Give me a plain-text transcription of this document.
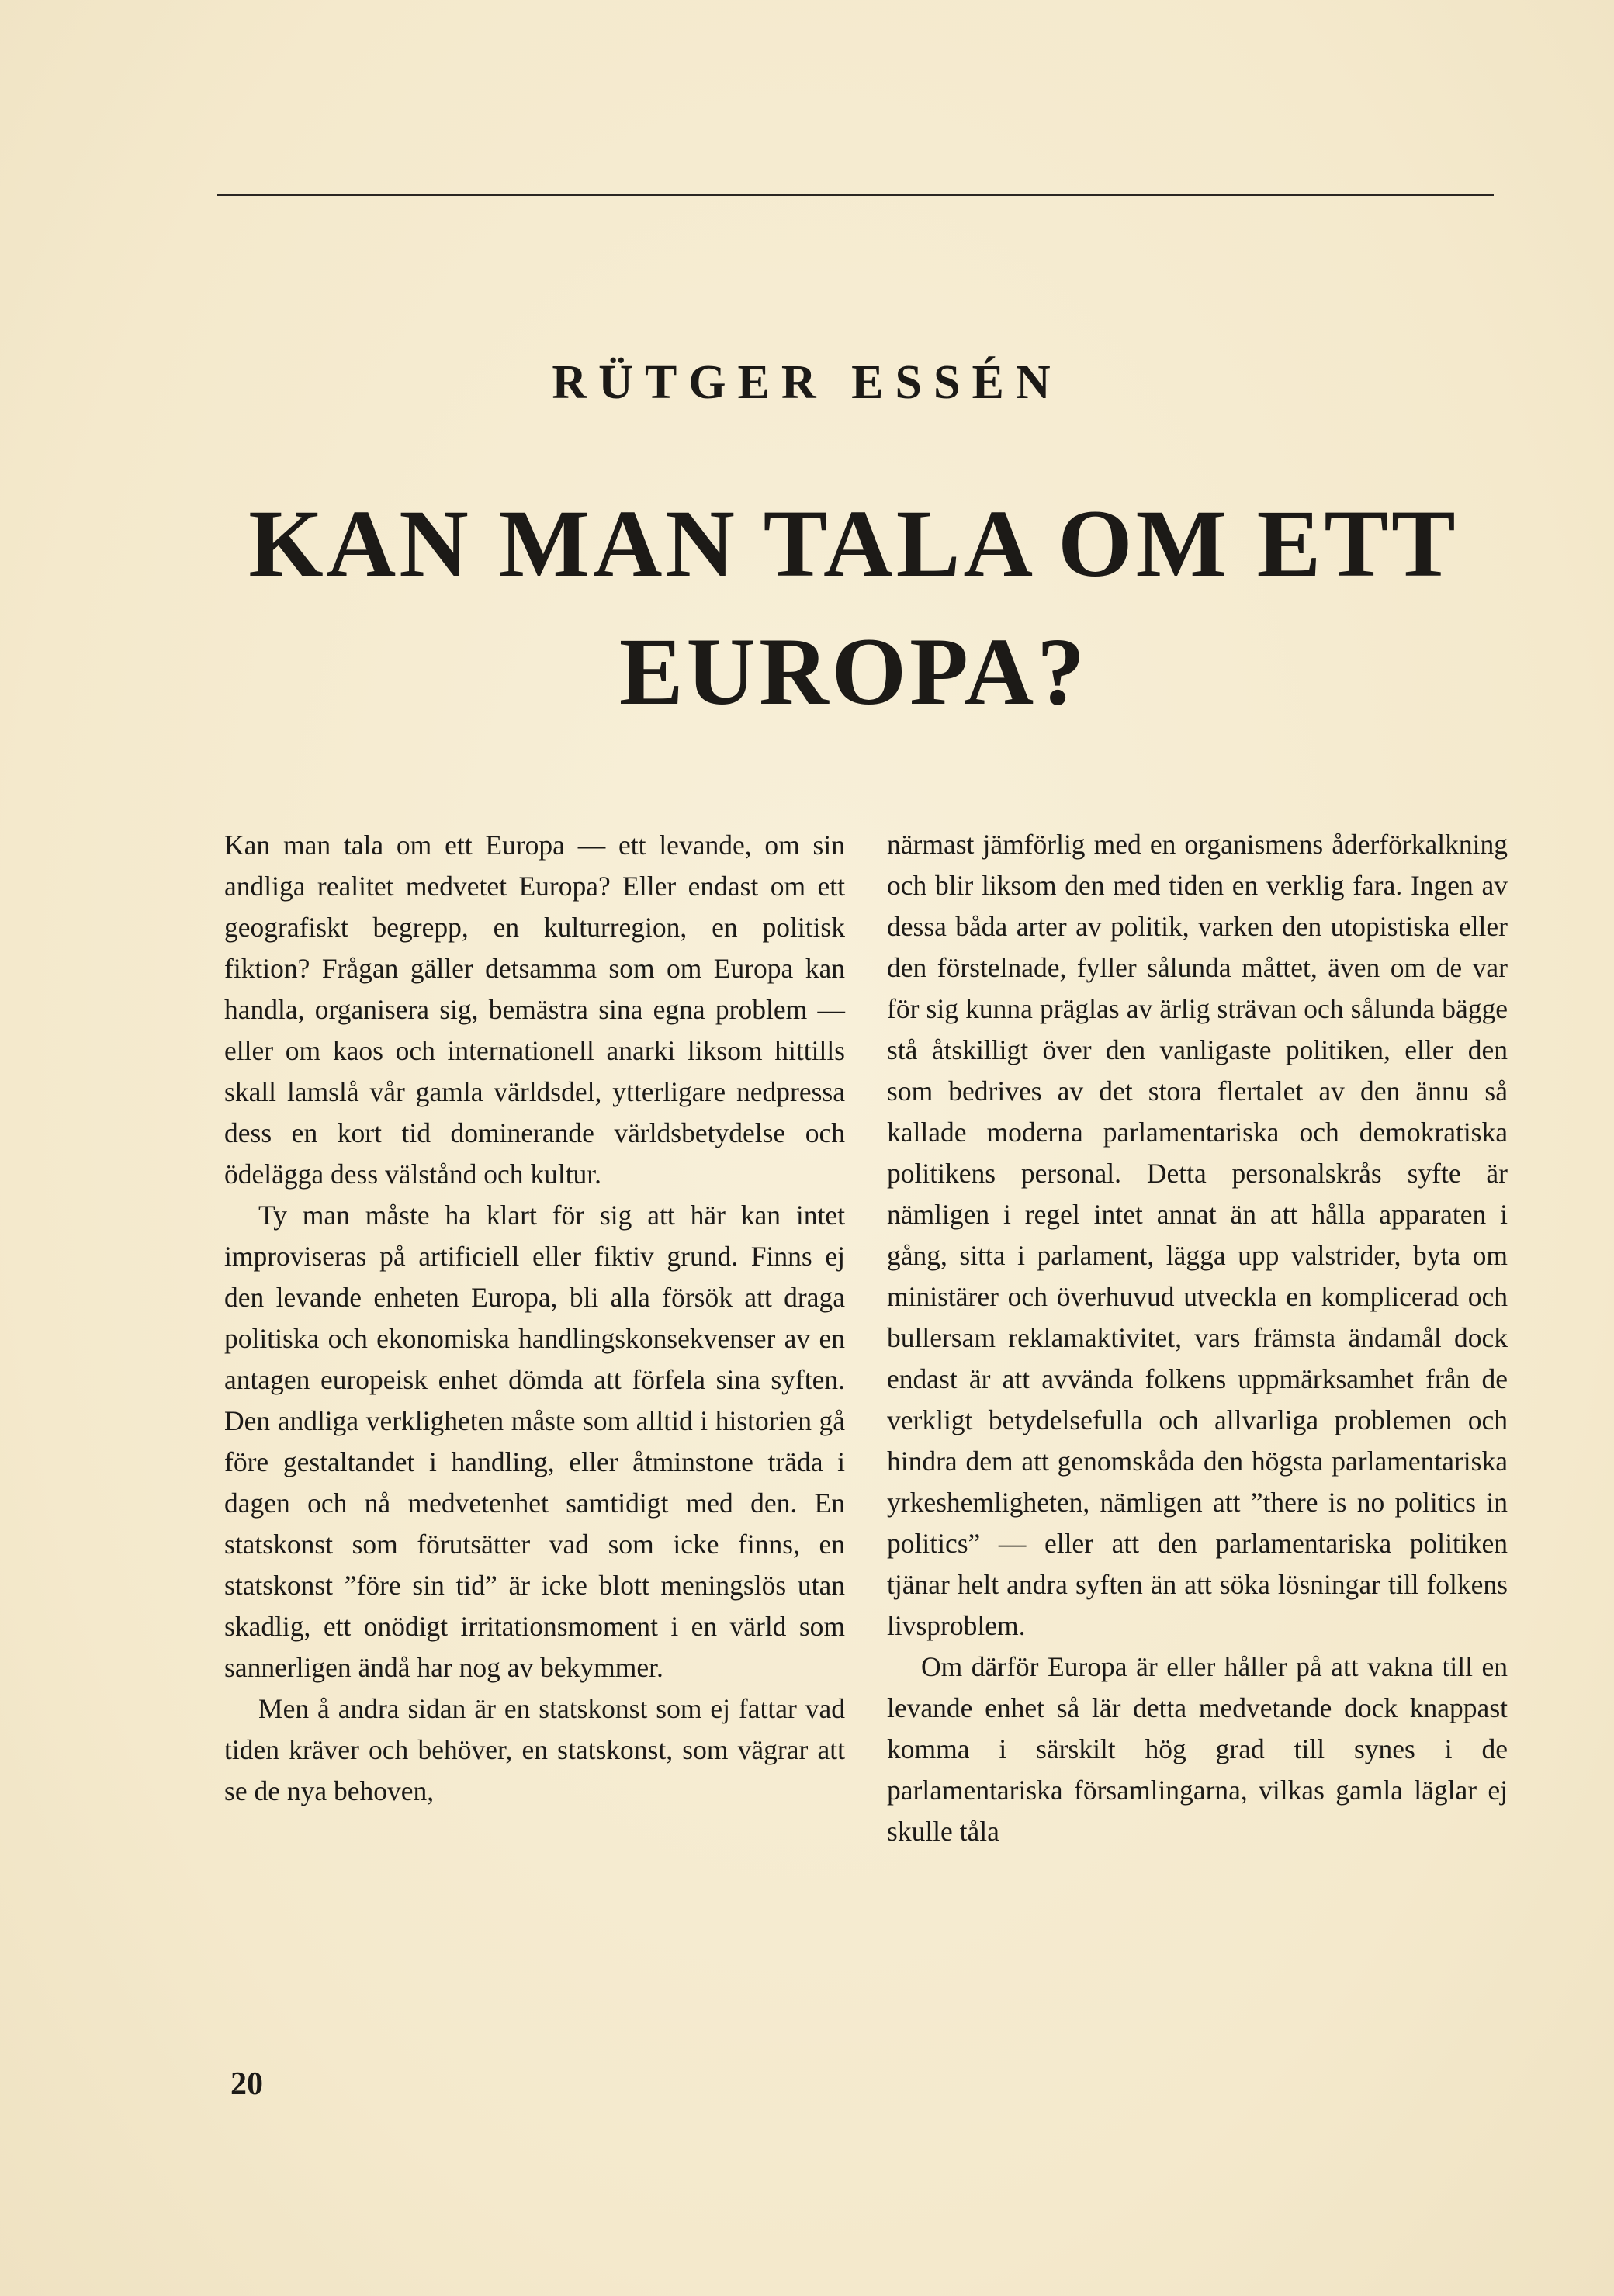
RÜTGER ESSÉN
KAN MAN TALA OM ETT EUROPA?

Kan man tala om ett Europa — ett levande, om sin andliga realitet medvetet Europa? Eller endast om ett geografiskt begrepp, en kulturregion, en politisk fiktion? Frågan gäller detsamma som om Europa kan handla, organisera sig, bemästra sina egna problem — eller om kaos och internationell anarki liksom hittills skall lamslå vår gamla världsdel, ytterligare nedpressa dess en kort tid dominerande världsbetydelse och ödelägga dess välstånd och kultur.

Ty man måste ha klart för sig att här kan intet improviseras på artificiell eller fiktiv grund. Finns ej den levande enheten Europa, bli alla försök att draga politiska och ekonomiska handlingskonsekvenser av en antagen europeisk enhet dömda att förfela sina syften. Den andliga verkligheten måste som alltid i historien gå före gestaltandet i handling, eller åtminstone träda i dagen och nå medvetenhet samtidigt med den. En statskonst som förutsätter vad som icke finns, en statskonst ”före sin tid” är icke blott meningslös utan skadlig, ett onödigt irritationsmoment i en värld som sannerligen ändå har nog av bekymmer.

Men å andra sidan är en statskonst som ej fattar vad tiden kräver och behöver, en statskonst, som vägrar att se de nya behoven,

närmast jämförlig med en organismens åderförkalkning och blir liksom den med tiden en verklig fara. Ingen av dessa båda arter av politik, varken den utopistiska eller den förstelnade, fyller sålunda måttet, även om de var för sig kunna präglas av ärlig strävan och sålunda bägge stå åtskilligt över den vanligaste politiken, eller den som bedrives av det stora flertalet av den ännu så kallade moderna parlamentariska och demokratiska politikens personal. Detta personalskrås syfte är nämligen i regel intet annat än att hålla apparaten i gång, sitta i parlament, lägga upp valstrider, byta om ministärer och överhuvud utveckla en komplicerad och bullersam reklamaktivitet, vars främsta ändamål dock endast är att avvända folkens uppmärksamhet från de verkligt betydelsefulla och allvarliga problemen och hindra dem att genomskåda den högsta parlamentariska yrkeshemligheten, nämligen att ”there is no politics in politics” — eller att den parlamentariska politiken tjänar helt andra syften än att söka lösningar till folkens livsproblem.

Om därför Europa är eller håller på att vakna till en levande enhet så lär detta medvetande dock knappast komma i särskilt hög grad till synes i de parlamentariska församlingarna, vilkas gamla läglar ej skulle tåla

20
